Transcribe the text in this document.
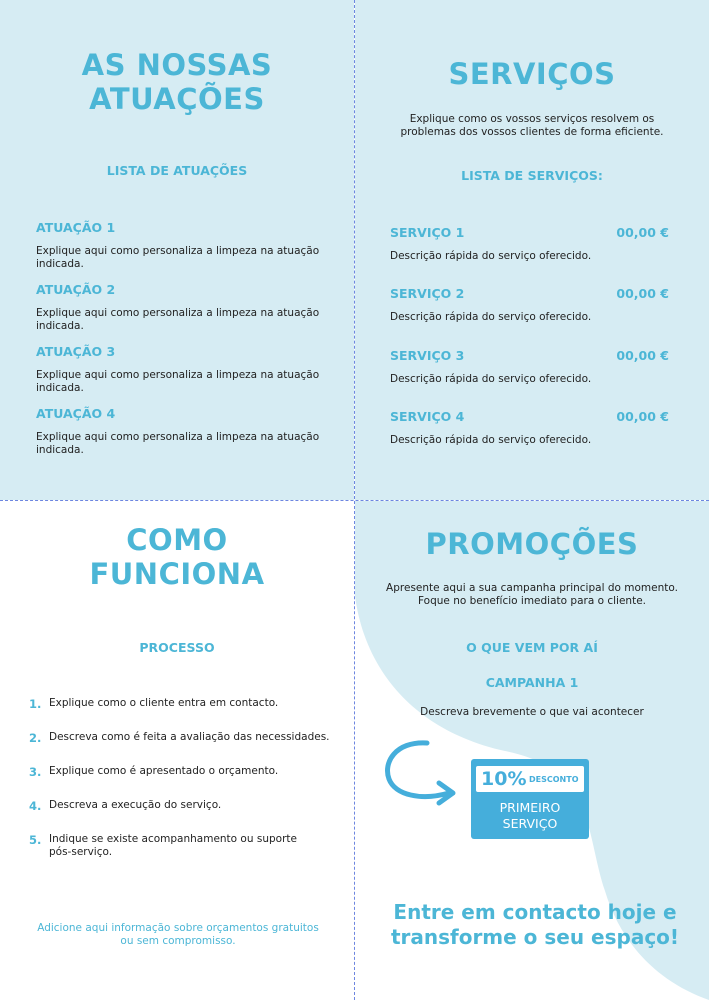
AS NOSSAS
ATUAÇÕES
LISTA DE ATUAÇÕES
ATUAÇÃO 1
Explique aqui como personaliza a limpeza na atuação indicada.
ATUAÇÃO 2
Explique aqui como personaliza a limpeza na atuação indicada.
ATUAÇÃO 3
Explique aqui como personaliza a limpeza na atuação indicada.
ATUAÇÃO 4
Explique aqui como personaliza a limpeza na atuação indicada.
SERVIÇOS
Explique como os vossos serviços resolvem os problemas dos vossos clientes de forma eficiente.
LISTA DE SERVIÇOS:
SERVIÇO 1	00,00 €
Descrição rápida do serviço oferecido.
SERVIÇO 2	00,00 €
Descrição rápida do serviço oferecido.
SERVIÇO 3	00,00 €
Descrição rápida do serviço oferecido.
SERVIÇO 4	00,00 €
Descrição rápida do serviço oferecido.
COMO
FUNCIONA
PROCESSO
1. Explique como o cliente entra em contacto.
2. Descreva como é feita a avaliação das necessidades.
3. Explique como é apresentado o orçamento.
4. Descreva a execução do serviço.
5. Indique se existe acompanhamento ou suporte pós-serviço.
Adicione aqui informação sobre orçamentos gratuitos ou sem compromisso.
PROMOÇÕES
Apresente aqui a sua campanha principal do momento. Foque no benefício imediato para o cliente.
O QUE VEM POR AÍ
CAMPANHA 1
Descreva brevemente o que vai acontecer
10% DESCONTO
PRIMEIRO
SERVIÇO
Entre em contacto hoje e
transforme o seu espaço!
